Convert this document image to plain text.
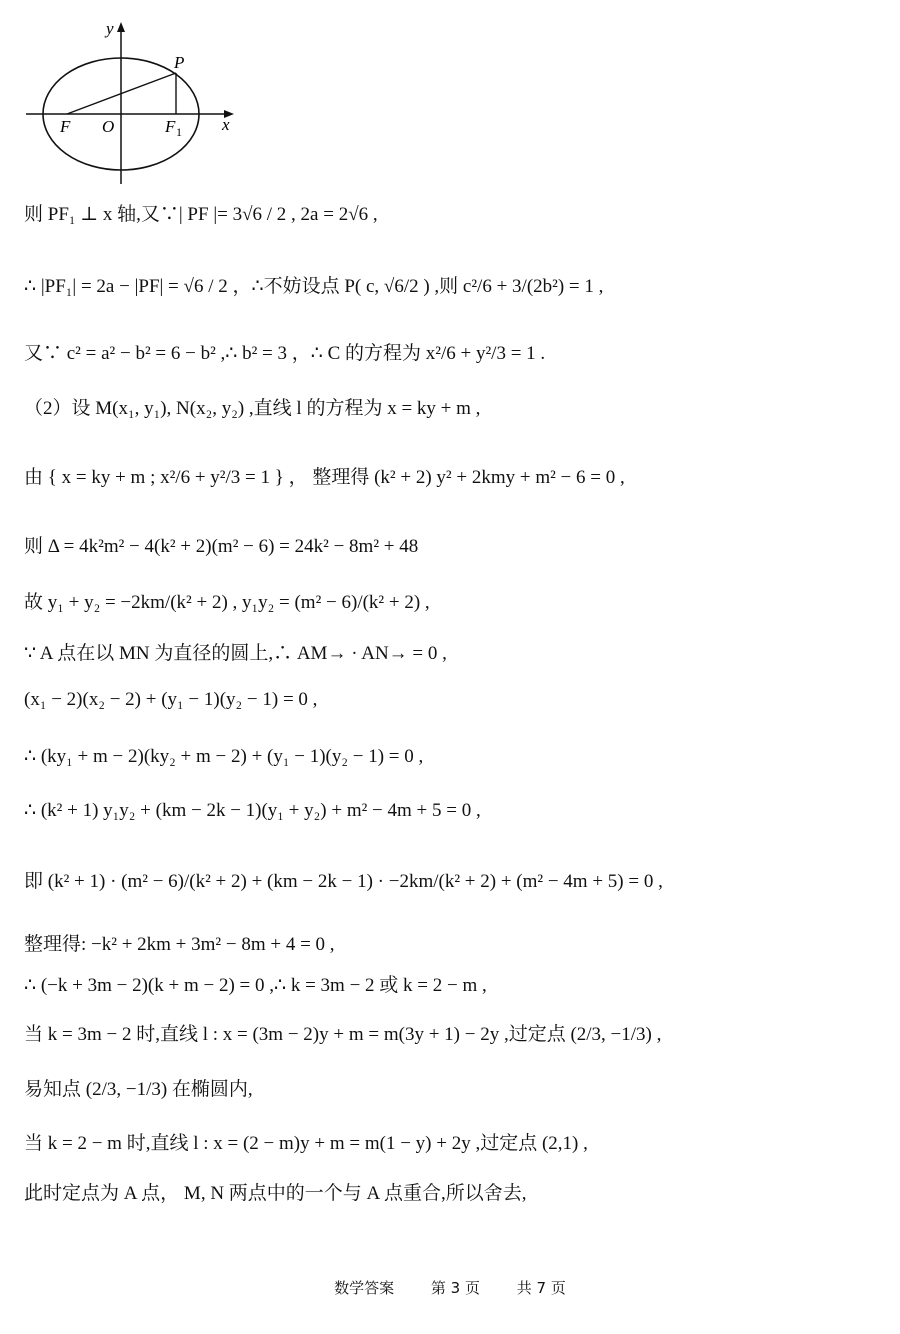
y
P
F O	F 1 x
则 PF₁ ⊥ x 轴,又∵| PF |= 3√6 / 2 , 2a = 2√6 ,
∴ |PF₁| = 2a − |PF| = √6 / 2 ，∴不妨设点 P( c, √6/2 ) ,则 c²/6 + 3/(2b²) = 1 ,
又∵ c² = a² − b² = 6 − b² ,∴ b² = 3 ，∴ C 的方程为 x²/6 + y²/3 = 1 .
（2）设 M(x₁, y₁), N(x₂, y₂) ,直线 l 的方程为 x = ky + m ,
由 { x = ky + m ; x²/6 + y²/3 = 1 } ， 整理得 (k² + 2) y² + 2kmy + m² − 6 = 0 ,
则 Δ = 4k²m² − 4(k² + 2)(m² − 6) = 24k² − 8m² + 48
故 y₁ + y₂ = −2km/(k² + 2) , y₁y₂ = (m² − 6)/(k² + 2) ,
∵ A 点在以 MN 为直径的圆上,∴ AM→ · AN→ = 0 ,
(x₁ − 2)(x₂ − 2) + (y₁ − 1)(y₂ − 1) = 0 ,
∴ (ky₁ + m − 2)(ky₂ + m − 2) + (y₁ − 1)(y₂ − 1) = 0 ,
∴ (k² + 1) y₁y₂ + (km − 2k − 1)(y₁ + y₂) + m² − 4m + 5 = 0 ,
即 (k² + 1) · (m² − 6)/(k² + 2) + (km − 2k − 1) · −2km/(k² + 2) + (m² − 4m + 5) = 0 ,
整理得: −k² + 2km + 3m² − 8m + 4 = 0 ,
∴ (−k + 3m − 2)(k + m − 2) = 0 ,∴ k = 3m − 2 或 k = 2 − m ,
当 k = 3m − 2 时,直线 l : x = (3m − 2)y + m = m(3y + 1) − 2y ,过定点 (2/3, −1/3) ,
易知点 (2/3, −1/3) 在椭圆内,
当 k = 2 − m 时,直线 l : x = (2 − m)y + m = m(1 − y) + 2y ,过定点 (2,1) ,
此时定点为 A 点， M, N 两点中的一个与 A 点重合,所以舍去,
数学答案 第 3 页 共 7 页
